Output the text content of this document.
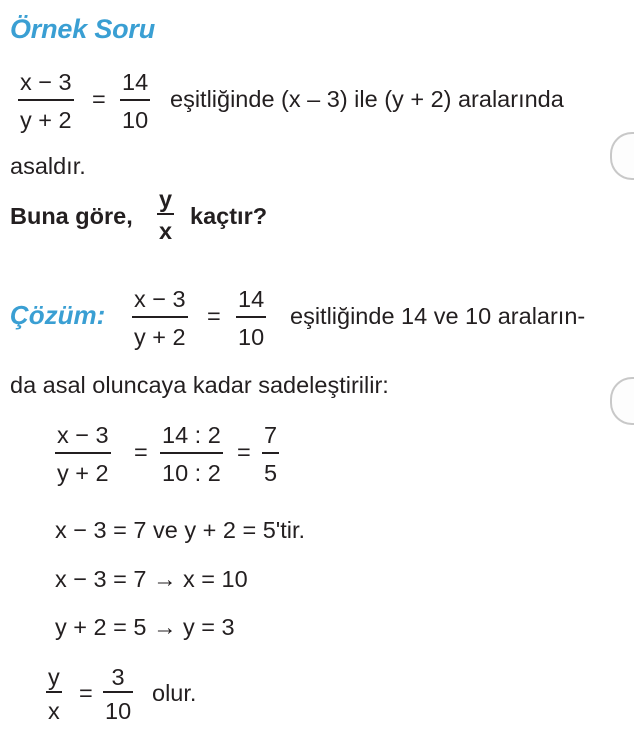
Örnek Soru
x − 3
y + 2
=
14
10
eşitliğinde (x – 3) ile (y + 2) aralarında
asaldır.
Buna göre,
y
x
kaçtır?
Çözüm:
x − 3
y + 2
=
14
10
eşitliğinde 14 ve 10 araların-
da asal oluncaya kadar sadeleştirilir:
x − 3
y + 2
=
14 : 2
10 : 2
=
7
5
x − 3 = 7 ve y + 2 = 5'tir.
x − 3 = 7 → x = 10
y + 2 = 5 → y = 3
y
x
=
3
10
olur.
